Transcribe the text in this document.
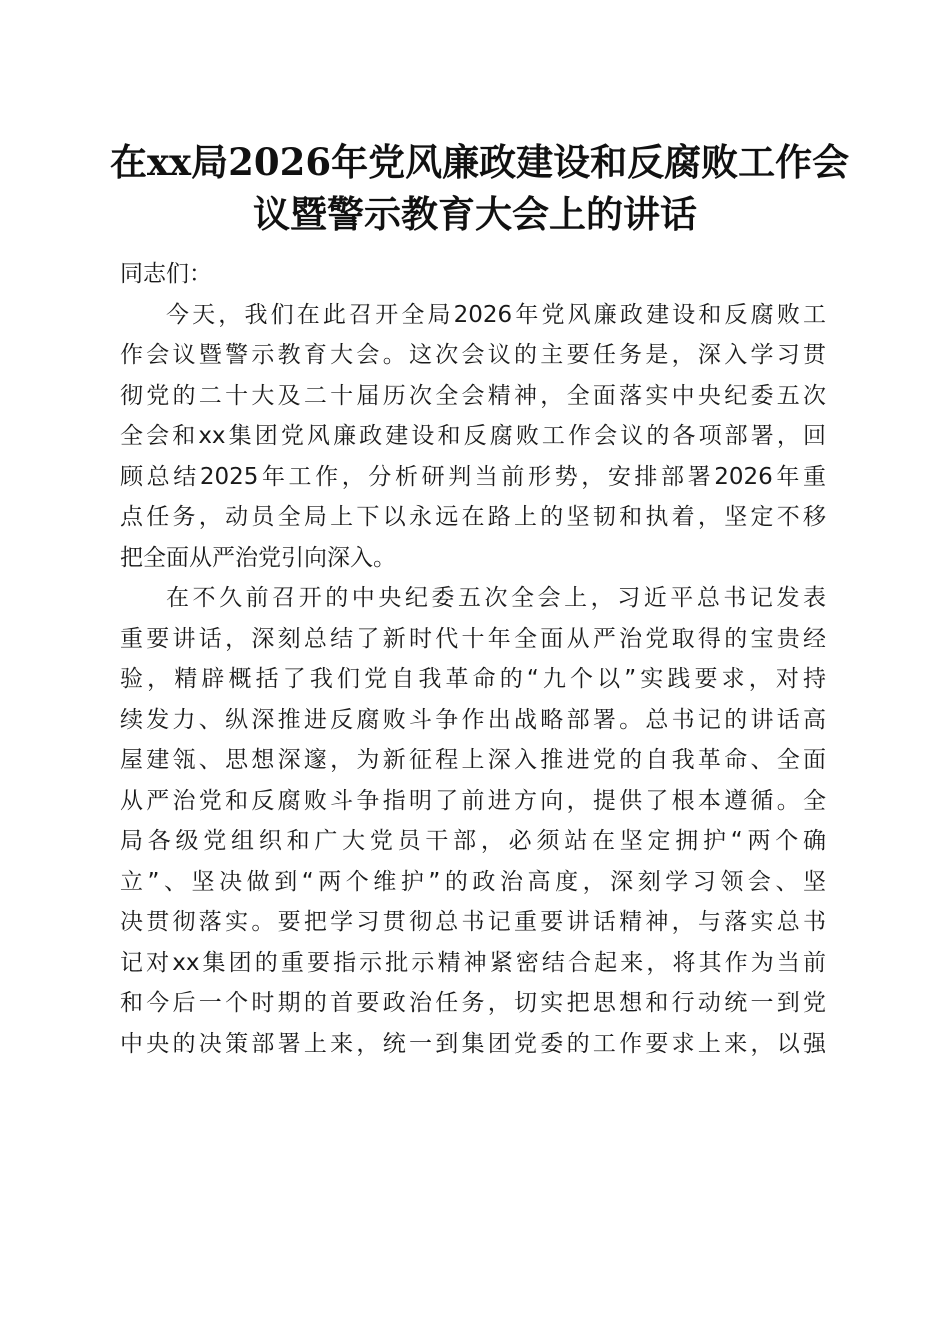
在xx局2026年党风廉政建设和反腐败工作会
议暨警示教育大会上的讲话

同志们：

今天，我们在此召开全局2026年党风廉政建设和反腐败工
作会议暨警示教育大会。这次会议的主要任务是，深入学习贯
彻党的二十大及二十届历次全会精神，全面落实中央纪委五次
全会和xx集团党风廉政建设和反腐败工作会议的各项部署，回
顾总结2025年工作，分析研判当前形势，安排部署2026年重
点任务，动员全局上下以永远在路上的坚韧和执着，坚定不移
把全面从严治党引向深入。

在不久前召开的中央纪委五次全会上，习近平总书记发表
重要讲话，深刻总结了新时代十年全面从严治党取得的宝贵经
验，精辟概括了我们党自我革命的“九个以”实践要求，对持
续发力、纵深推进反腐败斗争作出战略部署。总书记的讲话高
屋建瓴、思想深邃，为新征程上深入推进党的自我革命、全面
从严治党和反腐败斗争指明了前进方向，提供了根本遵循。全
局各级党组织和广大党员干部，必须站在坚定拥护“两个确
立”、坚决做到“两个维护”的政治高度，深刻学习领会、坚
决贯彻落实。要把学习贯彻总书记重要讲话精神，与落实总书
记对xx集团的重要指示批示精神紧密结合起来，将其作为当前
和今后一个时期的首要政治任务，切实把思想和行动统一到党
中央的决策部署上来，统一到集团党委的工作要求上来，以强
